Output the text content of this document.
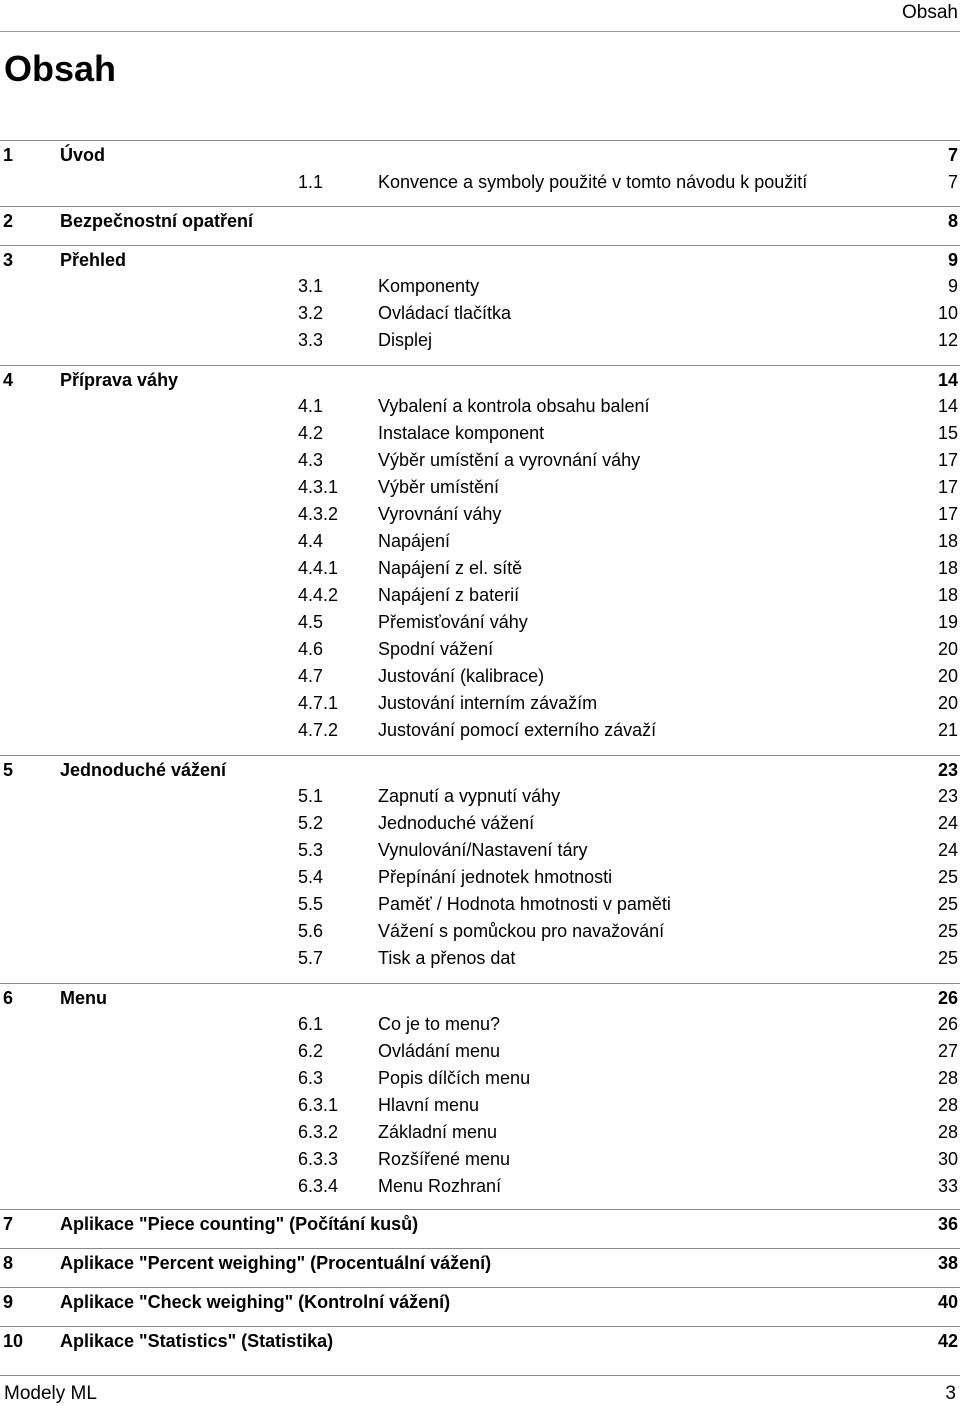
Obsah
Obsah
1	Úvod	7
1.1	Konvence a symboly použité v tomto návodu k použití	7
2	Bezpečnostní opatření	8
3	Přehled	9
3.1	Komponenty	9
3.2	Ovládací tlačítka	10
3.3	Displej	12
4	Příprava váhy	14
4.1	Vybalení a kontrola obsahu balení	14
4.2	Instalace komponent	15
4.3	Výběr umístění a vyrovnání váhy	17
4.3.1 Výběr umístění	17
4.3.2 Vyrovnání váhy	17
4.4	Napájení	18
4.4.1 Napájení z el. sítě	18
4.4.2 Napájení z baterií	18
4.5	Přemisťování váhy	19
4.6	Spodní vážení	20
4.7	Justování (kalibrace)	20
4.7.1 Justování interním závažím	20
4.7.2 Justování pomocí externího závaží	21
5	Jednoduché vážení	23
5.1	Zapnutí a vypnutí váhy	23
5.2	Jednoduché vážení	24
5.3	Vynulování/Nastavení táry	24
5.4	Přepínání jednotek hmotnosti	25
5.5	Paměť / Hodnota hmotnosti v paměti	25
5.6	Vážení s pomůckou pro navažování	25
5.7	Tisk a přenos dat	25
6	Menu	26
6.1	Co je to menu?	26
6.2	Ovládání menu	27
6.3	Popis dílčích menu	28
6.3.1 Hlavní menu	28
6.3.2 Základní menu	28
6.3.3 Rozšířené menu	30
6.3.4 Menu Rozhraní	33
7	Aplikace "Piece counting" (Počítání kusů)	36
8	Aplikace "Percent weighing" (Procentuální vážení)	38
9	Aplikace "Check weighing" (Kontrolní vážení)	40
10 Aplikace "Statistics" (Statistika)	42
Modely ML	3
